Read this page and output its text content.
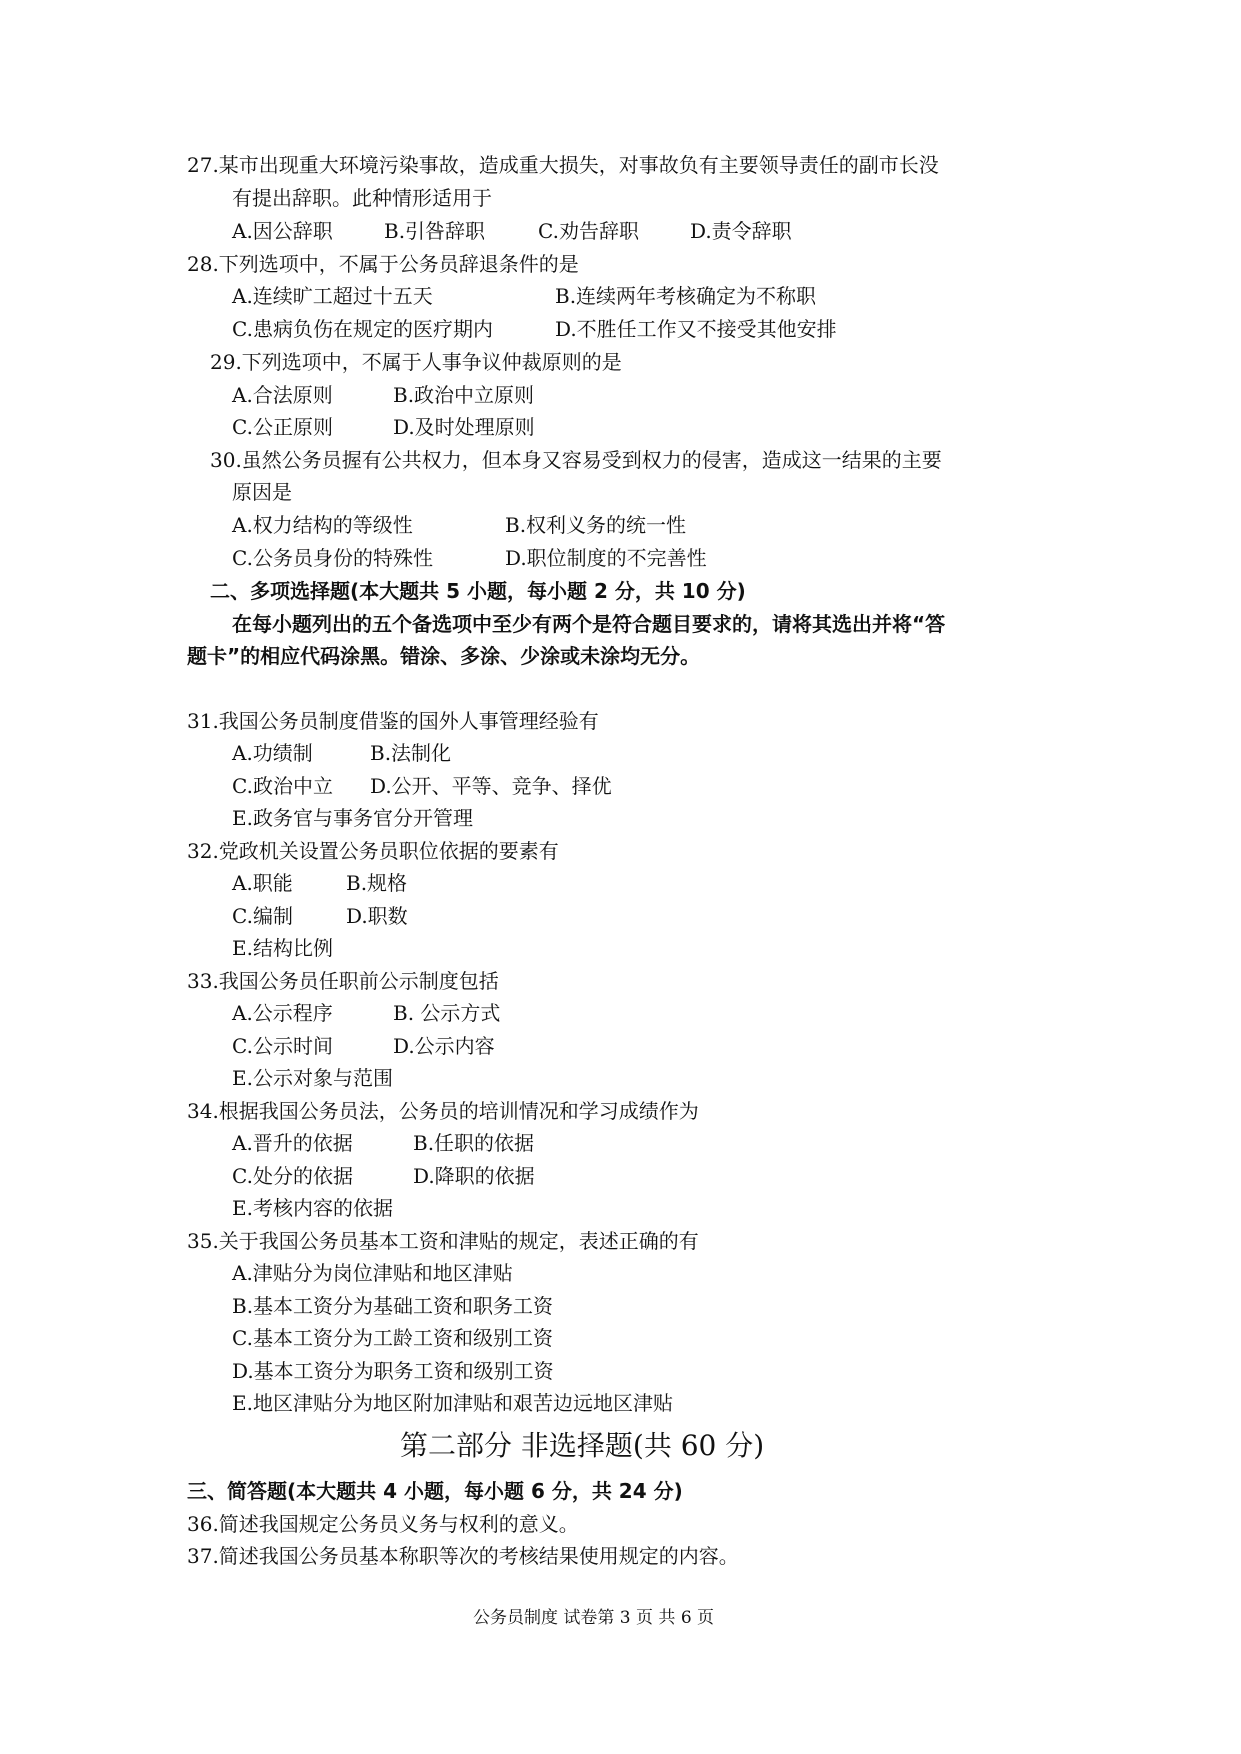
27.某市出现重大环境污染事故，造成重大损失，对事故负有主要领导责任的副市长没
有提出辞职。此种情形适用于
A.因公辞职	B.引咎辞职	C.劝告辞职	D.责令辞职
28.下列选项中，不属于公务员辞退条件的是
A.连续旷工超过十五天	B.连续两年考核确定为不称职
C.患病负伤在规定的医疗期内	D.不胜任工作又不接受其他安排
29.下列选项中，不属于人事争议仲裁原则的是
A.合法原则	B.政治中立原则
C.公正原则	D.及时处理原则
30.虽然公务员握有公共权力，但本身又容易受到权力的侵害，造成这一结果的主要
原因是
A.权力结构的等级性	B.权利义务的统一性
C.公务员身份的特殊性	D.职位制度的不完善性
二、多项选择题(本大题共 5 小题，每小题 2 分，共 10 分)
在每小题列出的五个备选项中至少有两个是符合题目要求的，请将其选出并将“答
题卡”的相应代码涂黑。错涂、多涂、少涂或未涂均无分。
31.我国公务员制度借鉴的国外人事管理经验有
A.功绩制	B.法制化
C.政治中立 D.公开、平等、竞争、择优
E.政务官与事务官分开管理
32.党政机关设置公务员职位依据的要素有
A.职能	B.规格
C.编制	D.职数
E.结构比例
33.我国公务员任职前公示制度包括
A.公示程序	B. 公示方式
C.公示时间	D.公示内容
E.公示对象与范围
34.根据我国公务员法，公务员的培训情况和学习成绩作为
A.晋升的依据	B.任职的依据
C.处分的依据	D.降职的依据
E.考核内容的依据
35.关于我国公务员基本工资和津贴的规定，表述正确的有
A.津贴分为岗位津贴和地区津贴
B.基本工资分为基础工资和职务工资
C.基本工资分为工龄工资和级别工资
D.基本工资分为职务工资和级别工资
E.地区津贴分为地区附加津贴和艰苦边远地区津贴
第二部分 非选择题(共 60 分)
三、简答题(本大题共 4 小题，每小题 6 分，共 24 分)
36.简述我国规定公务员义务与权利的意义。
37.简述我国公务员基本称职等次的考核结果使用规定的内容。
公务员制度 试卷第 3 页 共 6 页
